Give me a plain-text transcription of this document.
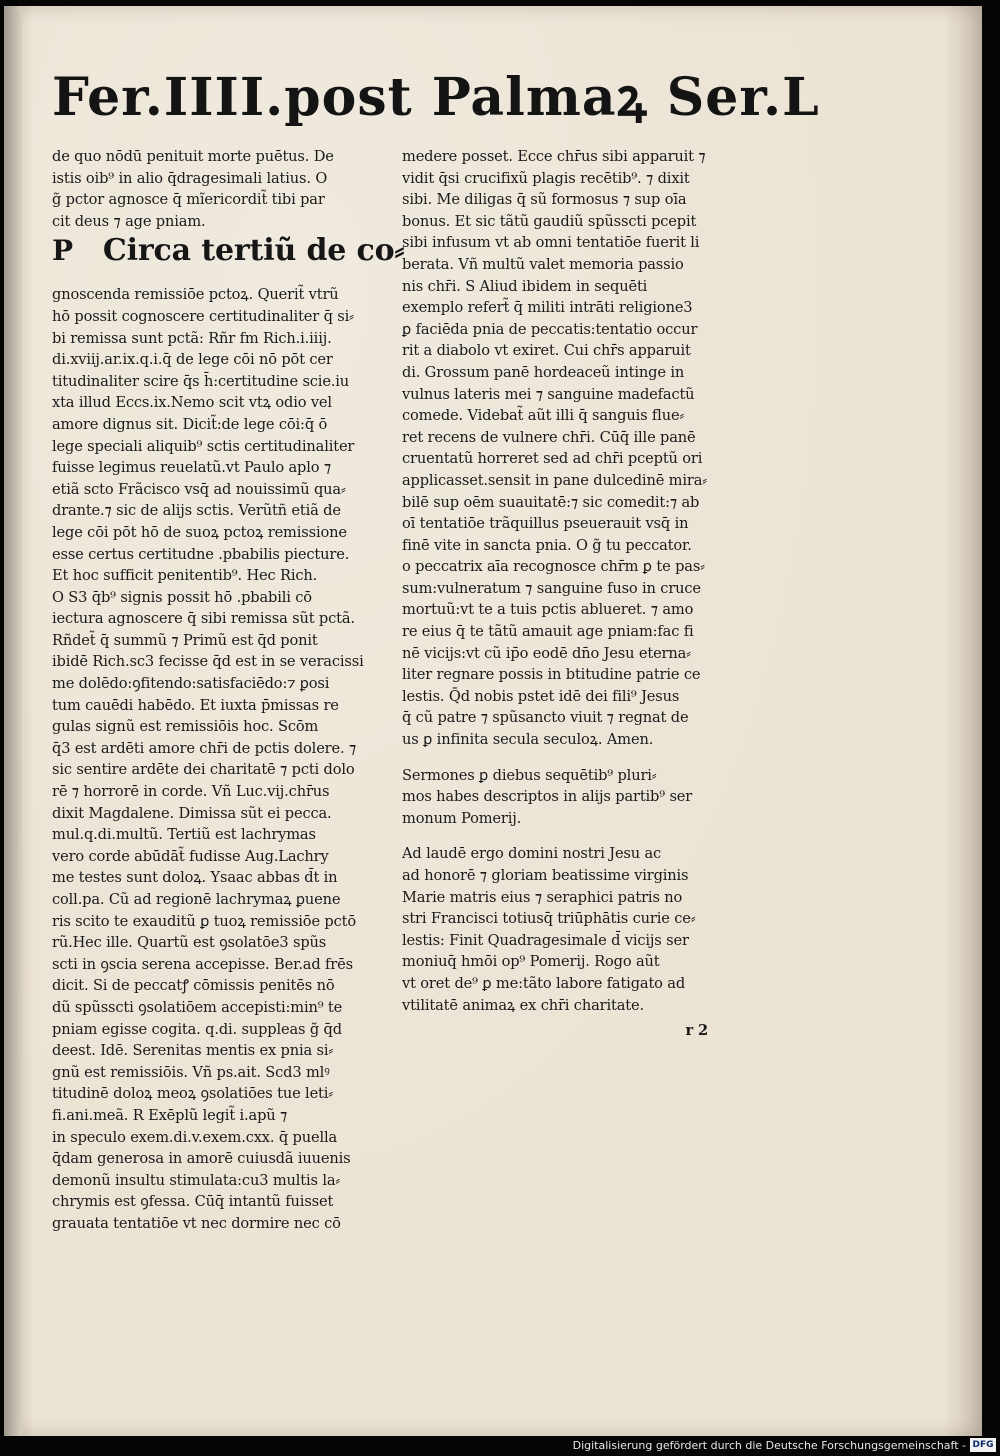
Fer.IIII.post Palmaꝝ Ser.L
de quo nōdū penituit morte puētus. De
istis oib⁹ in alio q̄dragesimali latius. O
g̃ pctor agnosce q̄ mĩericordit̃ tibi par
cit deus ⁊ age pniam.
P Circa tertiũ de co⸗
gnoscenda remissiōe pctoꝝ. Querit̃ vtrũ
hō possit cognoscere certitudinaliter q̄ si⸗
bi remissa sunt pctã: Rñr fm Rich.i.iiij.
di.xviij.ar.ix.q.i.q̄ de lege cōi nō pōt cer
titudinaliter scire q̄s h̄:certitudine scie.iu
xta illud Eccs.ix.Nemo scit vtꝝ odio vel
amore dignus sit. Dicit̃:de lege cōi:q̄ ō
lege speciali aliquib⁹ sctis certitudinaliter
fuisse legimus reuelatũ.vt Paulo aplo ⁊
etiã scto Frãcisco vsq̄ ad nouissimũ qua⸗
drante.⁊ sic de alijs sctis. Verũtñ etiã de
lege cōi pōt hō de suoꝝ pctoꝝ remissione
esse certus certitudne .pbabilis piecture.
Et hoc sufficit penitentib⁹. Hec Rich.
O S3 q̄b⁹ signis possit hō .pbabili cō
iectura agnoscere q̄ sibi remissa sũt pctã.
Rñdet̃ q̄ summũ ⁊ Primũ est q̄d ponit
ibidē Rich.sc3 fecisse q̄d est in se veracissi
me dolēdo:ꝯfitendo:satisfaciēdo:⁊ ꝑosi
tum cauēdi habēdo. Et iuxta p̄missas re
gulas signũ est remissiōis hoc. Scōm
q̄3 est ardēti amore chr̄i de pctis dolere. ⁊
sic sentire ardēte dei charitatē ⁊ pcti dolo
rē ⁊ horrorē in corde. Vñ Luc.vij.chr̄us
dixit Magdalene. Dimissa sũt ei pecca.
mul.q.di.multũ. Tertiũ est lachrymas
vero corde abūdāt̃ fudisse Aug.Lachry
me testes sunt doloꝝ. Ysaac abbas d̄t in
coll.pa. Cũ ad regionē lachrymaꝝ ꝑuene
ris scito te exauditũ ꝑ tuoꝝ remissiōe pctō
rũ.Hec ille. Quartũ est ꝯsolatōe3 spũs
scti in ꝯscia serena accepisse. Ber.ad frēs
dicit. Si de peccatꝭ cōmissis penitēs nō
dũ spũsscti ꝯsolatiōem accepisti:min⁹ te
pniam egisse cogita. q.di. suppleas g̃ q̄d
deest. Idē. Serenitas mentis ex pnia si⸗
gnũ est remissiōis. Vñ ps.ait. Scd3 mlꝰ
titudinē doloꝝ meoꝝ ꝯsolatiōes tue leti⸗
fi.ani.meã. R Exēplũ legit̃ i.apũ ⁊
in speculo exem.di.v.exem.cxx. q̄ puella
q̄dam generosa in amorē cuiusdã iuuenis
demonũ insultu stimulata:cu3 multis la⸗
chrymis est ꝯfessa. Cūq̄ intantũ fuisset
grauata tentatiōe vt nec dormire nec cō
medere posset. Ecce chr̄us sibi apparuit ⁊
vidit q̄si crucifixũ plagis recētib⁹. ⁊ dixit
sibi. Me diligas q̄ sũ formosus ⁊ sup oīa
bonus. Et sic tãtũ gaudiũ spũsscti pcepit
sibi infusum vt ab omni tentatiōe fuerit li
berata. Vñ multũ valet memoria passio
nis chr̄i. S Aliud ibidem in sequēti
exemplo refert̃ q̄ militi intrāti religione3
ꝑ faciēda pnia de peccatis:tentatio occur
rit a diabolo vt exiret. Cui chr̄s apparuit
di. Grossum panē hordeaceũ intinge in
vulnus lateris mei ⁊ sanguine madefactũ
comede. Videbat̃ aũt illi q̄ sanguis flue⸗
ret recens de vulnere chr̄i. Cūq̄ ille panē
cruentatũ horreret sed ad chr̄i pceptũ ori
applicasset.sensit in pane dulcedinē mira⸗
bilē sup oēm suauitatē:⁊ sic comedit:⁊ ab
oī tentatiōe trãquillus pseuerauit vsq̄ in
finē vite in sancta pnia. O g̃ tu peccator.
o peccatrix aīa recognosce chr̄m ꝑ te pas⸗
sum:vulneratum ⁊ sanguine fuso in cruce
mortuũ:vt te a tuis pctis ablueret. ⁊ amo
re eius q̄ te tãtũ amauit age pniam:fac fi
nē vicijs:vt cũ ip̄o eodē dn̄o Jesu eterna⸗
liter regnare possis in btitudine patrie ce
lestis. Q̄d nobis pstet idē dei fili⁹ Jesus
q̄ cũ patre ⁊ spũsancto viuit ⁊ regnat de
us ꝑ infinita secula seculoꝝ. Amen.
Sermones ꝑ diebus sequētib⁹ pluri⸗
mos habes descriptos in alijs partib⁹ ser
monum Pomerij.
Ad laudē ergo domini nostri Jesu ac
ad honorē ⁊ gloriam beatissime virginis
Marie matris eius ⁊ seraphici patris no
stri Francisci totiusq̄ triūphātis curie ce⸗
lestis: Finit Quadragesimale d̄ vicijs ser
moniuq̄ hmōi op⁹ Pomerij. Rogo aũt
vt oret de⁹ ꝑ me:tãto labore fatigato ad
vtilitatē animaꝝ ex chr̄i charitate.
r 2
Digitalisierung gefördert durch die Deutsche Forschungsgemeinschaft - DFG
